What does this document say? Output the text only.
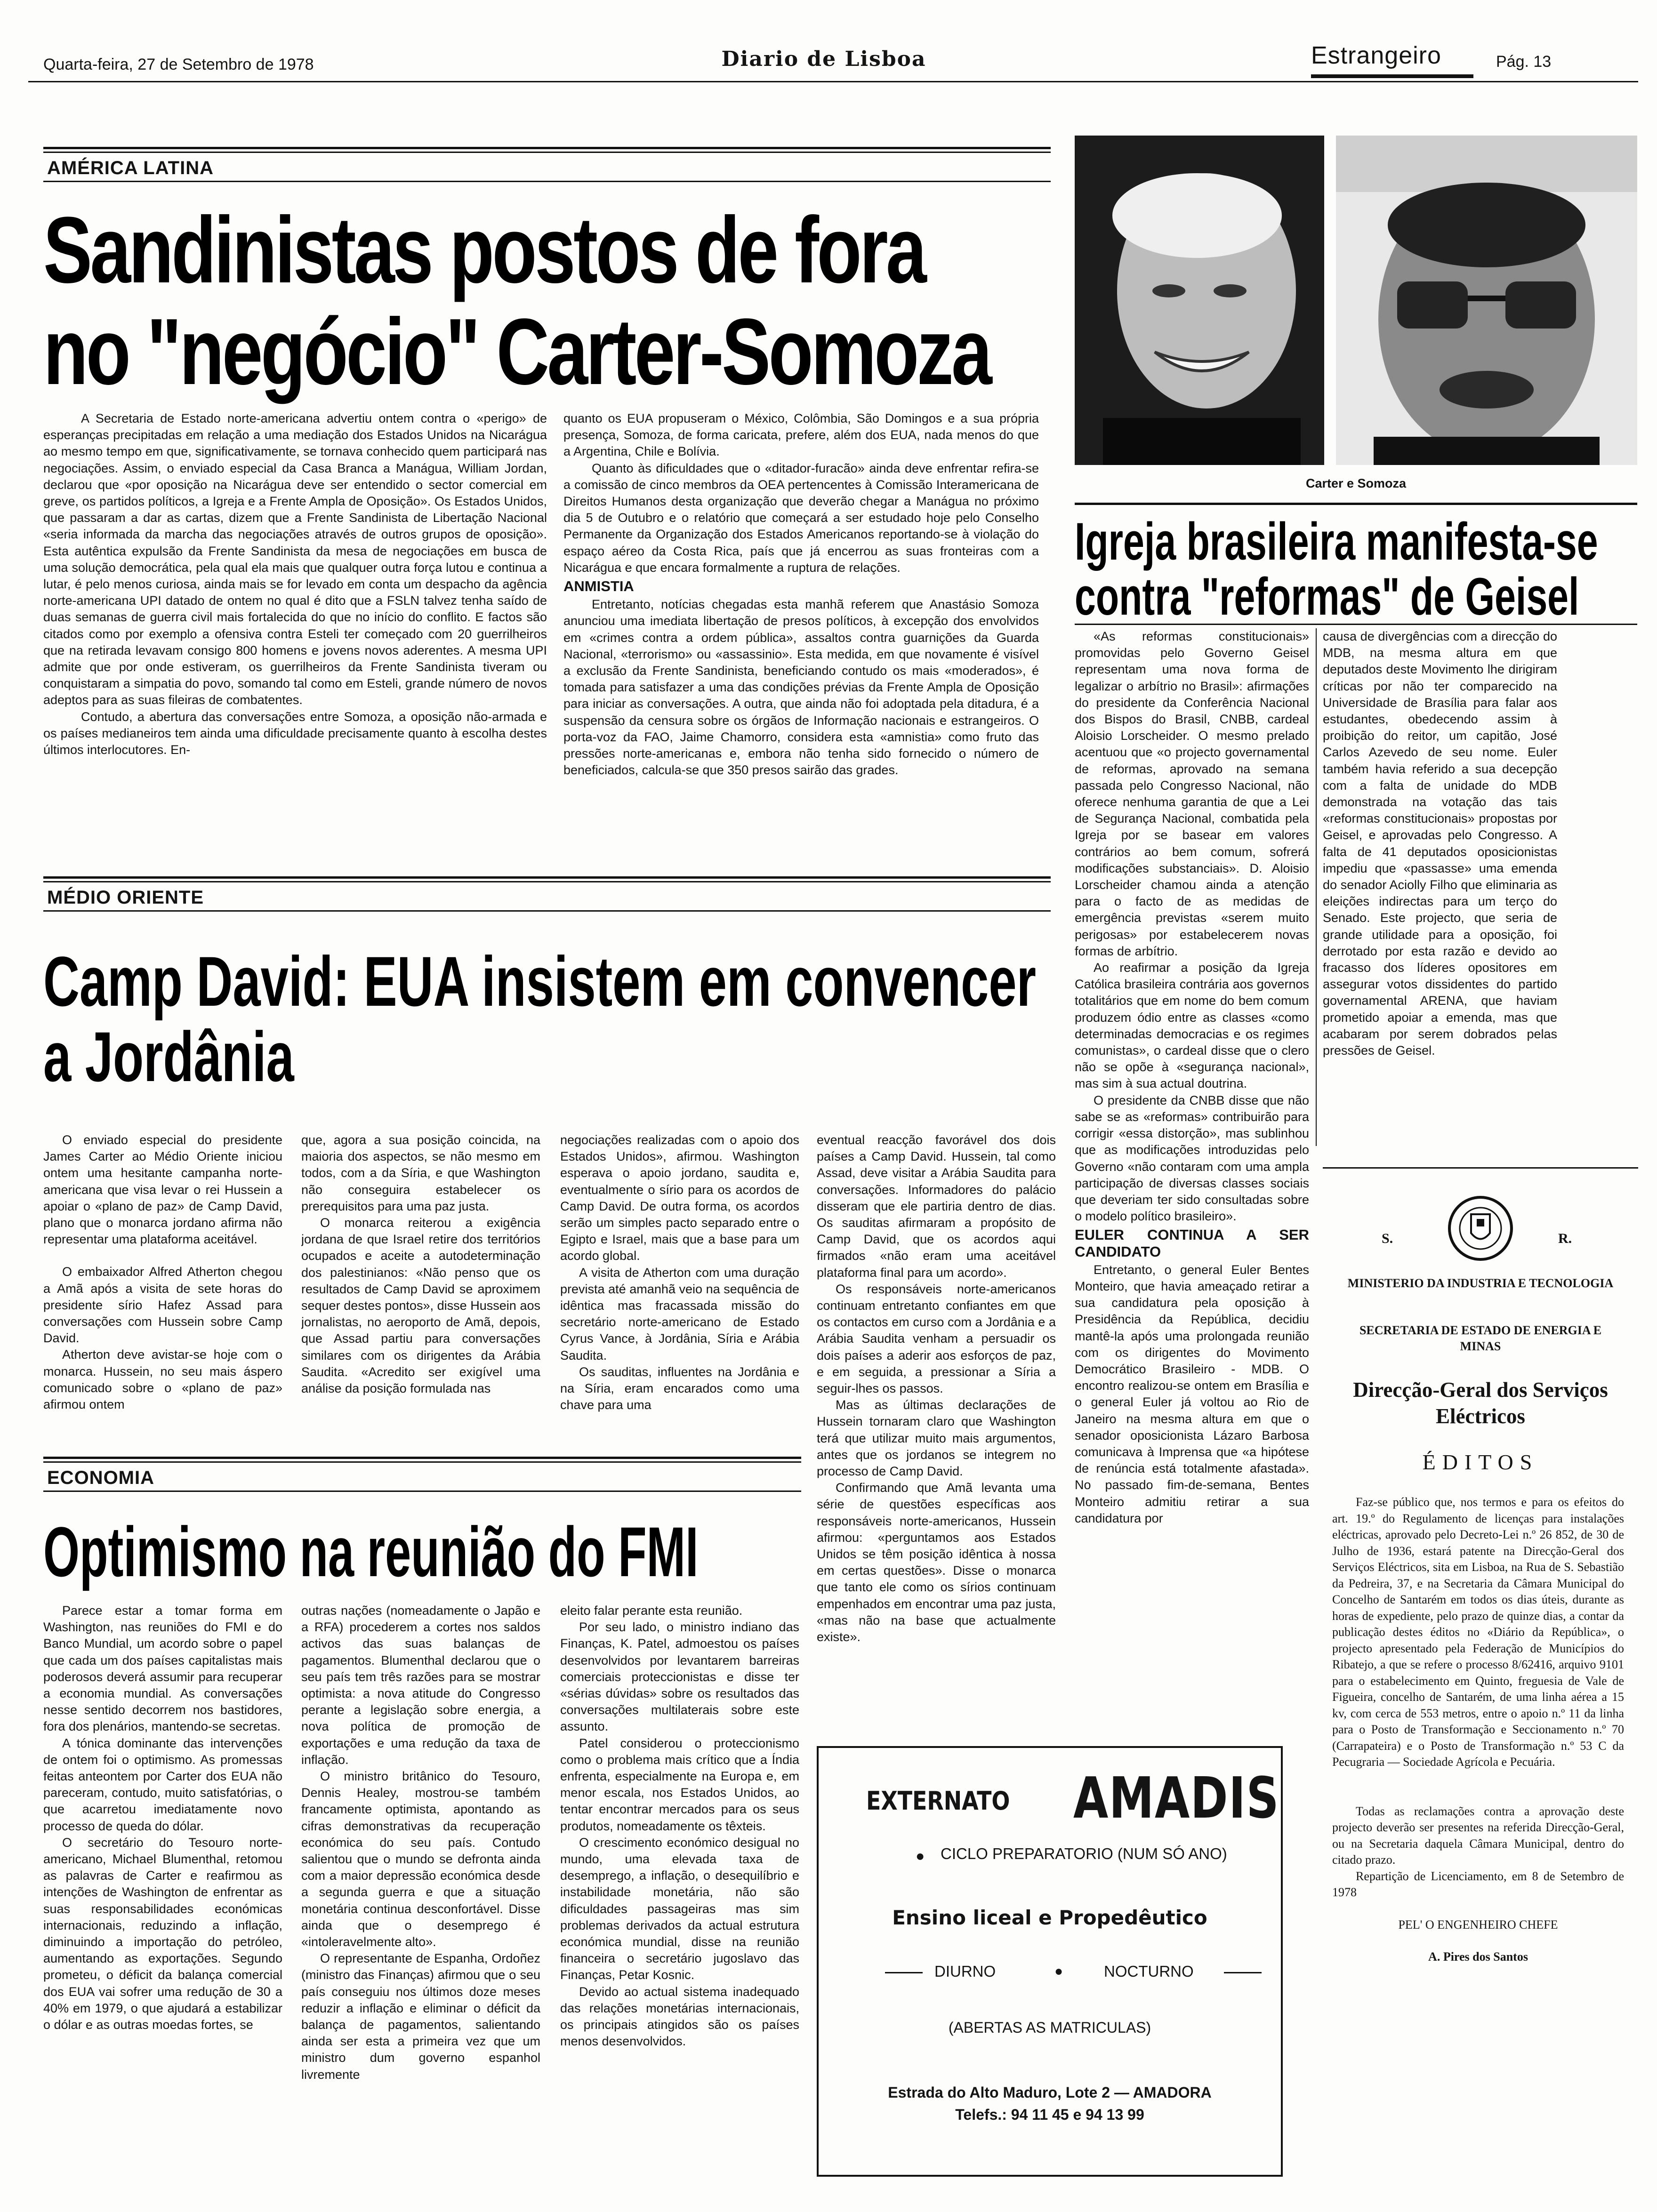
Quarta-feira, 27 de Setembro de 1978	Diario de Lisboa	Estrangeiro	Pág. 13
AMÉRICA LATINA
Sandinistas postos de fora
no "negócio" Carter-Somoza

A Secretaria de Estado norte-americana advertiu ontem contra o «perigo» de esperanças precipitadas em relação a uma mediação dos Estados Unidos na Nicarágua ao mesmo tempo em que, significativamente, se tornava conhecido quem participará nas negociações. Assim, o enviado especial da Casa Branca a Manágua, William Jordan, declarou que «por oposição na Nicarágua deve ser entendido o sector comercial em greve, os partidos políticos, a Igreja e a Frente Ampla de Oposição». Os Estados Unidos, que passaram a dar as cartas, dizem que a Frente Sandinista de Libertação Nacional «seria informada da marcha das negociações através de outros grupos de oposição». Esta autêntica expulsão da Frente Sandinista da mesa de negociações em busca de uma solução democrática, pela qual ela mais que qualquer outra força lutou e continua a lutar, é pelo menos curiosa, ainda mais se for levado em conta um despacho da agência norte-americana UPI datado de ontem no qual é dito que a FSLN talvez tenha saído de duas semanas de guerra civil mais fortalecida do que no início do conflito. E factos são citados como por exemplo a ofensiva contra Esteli ter começado com 20 guerrilheiros que na retirada levavam consigo 800 homens e jovens novos aderentes. A mesma UPI admite que por onde estiveram, os guerrilheiros da Frente Sandinista tiveram ou conquistaram a simpatia do povo, somando tal como em Esteli, grande número de novos adeptos para as suas fileiras de combatentes.

Contudo, a abertura das conversações entre Somoza, a oposição não-armada e os países medianeiros tem ainda uma dificuldade precisamente quanto à escolha destes últimos interlocutores. En-

quanto os EUA propuseram o México, Colômbia, São Domingos e a sua própria presença, Somoza, de forma caricata, prefere, além dos EUA, nada menos do que a Argentina, Chile e Bolívia.

Quanto às dificuldades que o «ditador-furacão» ainda deve enfrentar refira-se a comissão de cinco membros da OEA pertencentes à Comissão Interamericana de Direitos Humanos desta organização que deverão chegar a Manágua no próximo dia 5 de Outubro e o relatório que começará a ser estudado hoje pelo Conselho Permanente da Organização dos Estados Americanos reportando-se à violação do espaço aéreo da Costa Rica, país que já encerrou as suas fronteiras com a Nicarágua e que encara formalmente a ruptura de relações.

ANMISTIA

Entretanto, notícias chegadas esta manhã referem que Anastásio Somoza anunciou uma imediata libertação de presos políticos, à excepção dos envolvidos em «crimes contra a ordem pública», assaltos contra guarnições da Guarda Nacional, «terrorismo» ou «assassinio». Esta medida, em que novamente é visível a exclusão da Frente Sandinista, beneficiando contudo os mais «moderados», é tomada para satisfazer a uma das condições prévias da Frente Ampla de Oposição para iniciar as conversações. A outra, que ainda não foi adoptada pela ditadura, é a suspensão da censura sobre os órgãos de Informação nacionais e estrangeiros. O porta-voz da FAO, Jaime Chamorro, considera esta «amnistia» como fruto das pressões norte-americanas e, embora não tenha sido fornecido o número de beneficiados, calcula-se que 350 presos sairão das grades.

Carter e Somoza
Igreja brasileira manifesta-se
contra "reformas" de Geisel

«As reformas constitucionais» promovidas pelo Governo Geisel representam uma nova forma de legalizar o arbítrio no Brasil»: afirmações do presidente da Conferência Nacional dos Bispos do Brasil, CNBB, cardeal Aloisio Lorscheider. O mesmo prelado acentuou que «o projecto governamental de reformas, aprovado na semana passada pelo Congresso Nacional, não oferece nenhuma garantia de que a Lei de Segurança Nacional, combatida pela Igreja por se basear em valores contrários ao bem comum, sofrerá modificações substanciais». D. Aloisio Lorscheider chamou ainda a atenção para o facto de as medidas de emergência previstas «serem muito perigosas» por estabelecerem novas formas de arbítrio.

Ao reafirmar a posição da Igreja Católica brasileira contrária aos governos totalitários que em nome do bem comum produzem ódio entre as classes «como determinadas democracias e os regimes comunistas», o cardeal disse que o clero não se opõe à «segurança nacional», mas sim à sua actual doutrina.

O presidente da CNBB disse que não sabe se as «reformas» contribuirão para corrigir «essa distorção», mas sublinhou que as modificações introduzidas pelo Governo «não contaram com uma ampla participação de diversas classes sociais que deveriam ter sido consultadas sobre o modelo político brasileiro».

EULER CONTINUA A SER CANDIDATO

Entretanto, o general Euler Bentes Monteiro, que havia ameaçado retirar a sua candidatura pela oposição à Presidência da República, decidiu mantê-la após uma prolongada reunião com os dirigentes do Movimento Democrático Brasileiro - MDB. O encontro realizou-se ontem em Brasília e o general Euler já voltou ao Rio de Janeiro na mesma altura em que o senador oposicionista Lázaro Barbosa comunicava à Imprensa que «a hipótese de renúncia está totalmente afastada». No passado fim-de-semana, Bentes Monteiro admitiu retirar a sua candidatura por

causa de divergências com a direcção do MDB, na mesma altura em que deputados deste Movimento lhe dirigiram críticas por não ter comparecido na Universidade de Brasília para falar aos estudantes, obedecendo assim à proibição do reitor, um capitão, José Carlos Azevedo de seu nome. Euler também havia referido a sua decepção com a falta de unidade do MDB demonstrada na votação das tais «reformas constitucionais» propostas por Geisel, e aprovadas pelo Congresso. A falta de 41 deputados oposicionistas impediu que «passasse» uma emenda do senador Aciolly Filho que eliminaria as eleições indirectas para um terço do Senado. Este projecto, que seria de grande utilidade para a oposição, foi derrotado por esta razão e devido ao fracasso dos líderes opositores em assegurar votos dissidentes do partido governamental ARENA, que haviam prometido apoiar a emenda, mas que acabaram por serem dobrados pelas pressões de Geisel.

MÉDIO ORIENTE
Camp David: EUA insistem em convencer
a Jordânia

O enviado especial do presidente James Carter ao Médio Oriente iniciou ontem uma hesitante campanha norte-americana que visa levar o rei Hussein a apoiar o «plano de paz» de Camp David, plano que o monarca jordano afirma não representar uma plataforma aceitável.

O embaixador Alfred Atherton chegou a Amã após a visita de sete horas do presidente sírio Hafez Assad para conversações com Hussein sobre Camp David.

Atherton deve avistar-se hoje com o monarca. Hussein, no seu mais áspero comunicado sobre o «plano de paz» afirmou ontem

que, agora a sua posição coincida, na maioria dos aspectos, se não mesmo em todos, com a da Síria, e que Washington não conseguira estabelecer os prerequisitos para uma paz justa.

O monarca reiterou a exigência jordana de que Israel retire dos territórios ocupados e aceite a autodeterminação dos palestinianos: «Não penso que os resultados de Camp David se aproximem sequer destes pontos», disse Hussein aos jornalistas, no aeroporto de Amã, depois, que Assad partiu para conversações similares com os dirigentes da Arábia Saudita. «Acredito ser exigível uma análise da posição formulada nas

negociações realizadas com o apoio dos Estados Unidos», afirmou. Washington esperava o apoio jordano, saudita e, eventualmente o sírio para os acordos de Camp David. De outra forma, os acordos serão um simples pacto separado entre o Egipto e Israel, mais que a base para um acordo global.

A visita de Atherton com uma duração prevista até amanhã veio na sequência de idêntica mas fracassada missão do secretário norte-americano de Estado Cyrus Vance, à Jordânia, Síria e Arábia Saudita.

Os sauditas, influentes na Jordânia e na Síria, eram encarados como uma chave para uma

eventual reacção favorável dos dois países a Camp David. Hussein, tal como Assad, deve visitar a Arábia Saudita para conversações. Informadores do palácio disseram que ele partiria dentro de dias. Os sauditas afirmaram a propósito de Camp David, que os acordos aqui firmados «não eram uma aceitável plataforma final para um acordo».

Os responsáveis norte-americanos continuam entretanto confiantes em que os contactos em curso com a Jordânia e a Arábia Saudita venham a persuadir os dois países a aderir aos esforços de paz, e em seguida, a pressionar a Síria a seguir-lhes os passos.

Mas as últimas declarações de Hussein tornaram claro que Washington terá que utilizar muito mais argumentos, antes que os jordanos se integrem no processo de Camp David.

Confirmando que Amã levanta uma série de questões específicas aos responsáveis norte-americanos, Hussein afirmou: «perguntamos aos Estados Unidos se têm posição idêntica à nossa em certas questões». Disse o monarca que tanto ele como os sírios continuam empenhados em encontrar uma paz justa, «mas não na base que actualmente existe».

ECONOMIA
Optimismo na reunião do FMI

Parece estar a tomar forma em Washington, nas reuniões do FMI e do Banco Mundial, um acordo sobre o papel que cada um dos países capitalistas mais poderosos deverá assumir para recuperar a economia mundial. As conversações nesse sentido decorrem nos bastidores, fora dos plenários, mantendo-se secretas.

A tónica dominante das intervenções de ontem foi o optimismo. As promessas feitas anteontem por Carter dos EUA não pareceram, contudo, muito satisfatórias, o que acarretou imediatamente novo processo de queda do dólar.

O secretário do Tesouro norte-americano, Michael Blumenthal, retomou as palavras de Carter e reafirmou as intenções de Washington de enfrentar as suas responsabilidades económicas internacionais, reduzindo a inflação, diminuindo a importação do petróleo, aumentando as exportações. Segundo prometeu, o déficit da balança comercial dos EUA vai sofrer uma redução de 30 a 40% em 1979, o que ajudará a estabilizar o dólar e as outras moedas fortes, se

outras nações (nomeadamente o Japão e a RFA) procederem a cortes nos saldos activos das suas balanças de pagamentos. Blumenthal declarou que o seu país tem três razões para se mostrar optimista: a nova atitude do Congresso perante a legislação sobre energia, a nova política de promoção de exportações e uma redução da taxa de inflação.

O ministro britânico do Tesouro, Dennis Healey, mostrou-se também francamente optimista, apontando as cifras demonstrativas da recuperação económica do seu país. Contudo salientou que o mundo se defronta ainda com a maior depressão económica desde a segunda guerra e que a situação monetária continua desconfortável. Disse ainda que o desemprego é «intoleravelmente alto».

O representante de Espanha, Ordoñez (ministro das Finanças) afirmou que o seu país conseguiu nos últimos doze meses reduzir a inflação e eliminar o déficit da balança de pagamentos, salientando ainda ser esta a primeira vez que um ministro dum governo espanhol livremente

eleito falar perante esta reunião.

Por seu lado, o ministro indiano das Finanças, K. Patel, admoestou os países desenvolvidos por levantarem barreiras comerciais proteccionistas e disse ter «sérias dúvidas» sobre os resultados das conversações multilaterais sobre este assunto.

Patel considerou o proteccionismo como o problema mais crítico que a Índia enfrenta, especialmente na Europa e, em menor escala, nos Estados Unidos, ao tentar encontrar mercados para os seus produtos, nomeadamente os têxteis.

O crescimento económico desigual no mundo, uma elevada taxa de desemprego, a inflação, o desequilíbrio e instabilidade monetária, não são dificuldades passageiras mas sim problemas derivados da actual estrutura económica mundial, disse na reunião financeira o secretário jugoslavo das Finanças, Petar Kosnic.

Devido ao actual sistema inadequado das relações monetárias internacionais, os principais atingidos são os países menos desenvolvidos.

EXTERNATO AMADIS
● CICLO PREPARATORIO (NUM SÓ ANO)
Ensino liceal e Propedêutico
DIURNO	●	NOCTURNO
(ABERTAS AS MATRICULAS)
Estrada do Alto Maduro, Lote 2 — AMADORA
Telefs.: 94 11 45 e 94 13 99
S.	R.
MINISTERIO DA INDUSTRIA E TECNOLOGIA
SECRETARIA DE ESTADO DE ENERGIA E MINAS
Direcção-Geral dos Serviços Eléctricos
ÉDITOS

Faz-se público que, nos termos e para os efeitos do art. 19.º do Regulamento de licenças para instalações eléctricas, aprovado pelo Decreto-Lei n.º 26 852, de 30 de Julho de 1936, estará patente na Direcção-Geral dos Serviços Eléctricos, sita em Lisboa, na Rua de S. Sebastião da Pedreira, 37, e na Secretaria da Câmara Municipal do Concelho de Santarém em todos os dias úteis, durante as horas de expediente, pelo prazo de quinze dias, a contar da publicação destes éditos no «Diário da República», o projecto apresentado pela Federação de Municípios do Ribatejo, a que se refere o processo 8/62416, arquivo 9101 para o estabelecimento em Quinto, freguesia de Vale de Figueira, concelho de Santarém, de uma linha aérea a 15 kv, com cerca de 553 metros, entre o apoio n.º 11 da linha para o Posto de Transformação e Seccionamento n.º 70 (Carrapateira) e o Posto de Transformação n.º 53 C da Pecugraria — Sociedade Agrícola e Pecuária.

Todas as reclamações contra a aprovação deste projecto deverão ser presentes na referida Direcção-Geral, ou na Secretaria daquela Câmara Municipal, dentro do citado prazo.

Repartição de Licenciamento, em 8 de Setembro de 1978

PEL' O ENGENHEIRO CHEFE

A. Pires dos Santos
